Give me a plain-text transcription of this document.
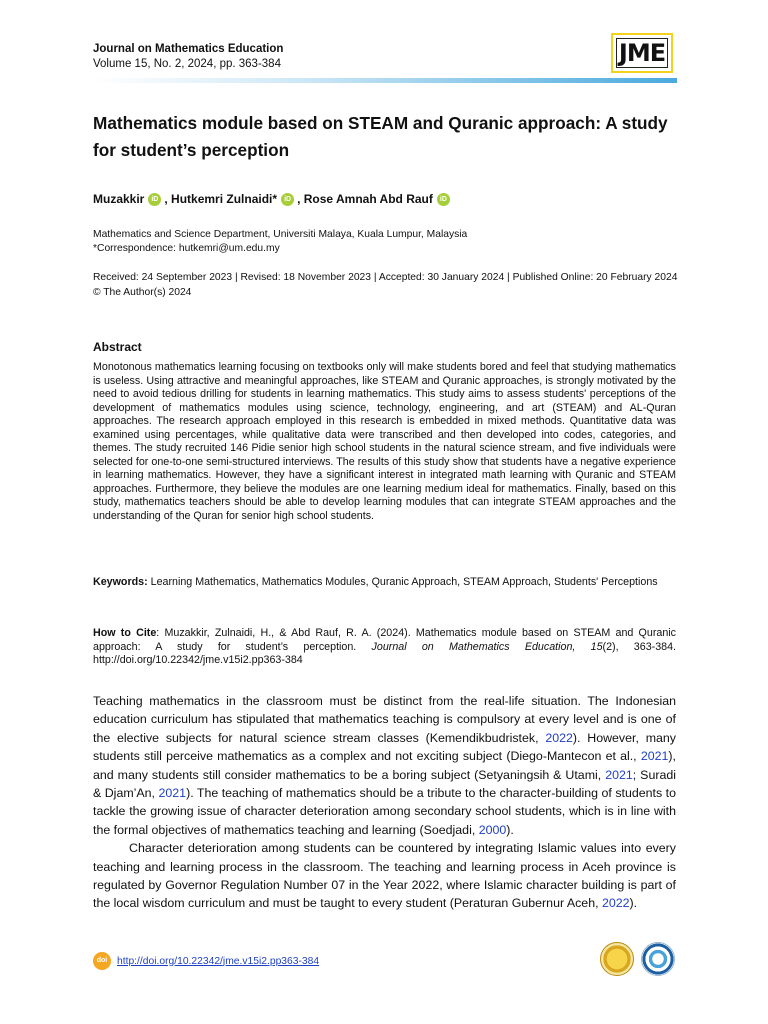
Journal on Mathematics Education
Volume 15, No. 2, 2024, pp. 363-384	JME
Mathematics module based on STEAM and Quranic approach: A study for student’s perception
Muzakkir	iD ,
Hutkemri Zulnaidi*	iD ,
Rose Amnah Abd Rauf	iD
Mathematics and Science Department, Universiti Malaya, Kuala Lumpur, Malaysia
*Correspondence: hutkemri@um.edu.my
Received: 24 September 2023 | Revised: 18 November 2023 | Accepted: 30 January 2024 | Published Online: 20 February 2024
© The Author(s) 2024
Abstract

Monotonous mathematics learning focusing on textbooks only will make students bored and feel that studying mathematics is useless. Using attractive and meaningful approaches, like STEAM and Quranic approaches, is strongly motivated by the need to avoid tedious drilling for students in learning mathematics. This study aims to assess students' perceptions of the development of mathematics modules using science, technology, engineering, and art (STEAM) and AL-Quran approaches. The research approach employed in this research is embedded in mixed methods. Quantitative data was examined using percentages, while qualitative data were transcribed and then developed into codes, categories, and themes. The study recruited 146 Pidie senior high school students in the natural science stream, and five individuals were selected for one-to-one semi-structured interviews. The results of this study show that students have a negative experience in learning mathematics. However, they have a significant interest in integrated math learning with Quranic and STEAM approaches. Furthermore, they believe the modules are one learning medium ideal for mathematics. Finally, based on this study, mathematics teachers should be able to develop learning modules that can integrate STEAM approaches and the understanding of the Quran for senior high school students.

Keywords: Learning Mathematics, Mathematics Modules, Quranic Approach, STEAM Approach, Students' Perceptions

How to Cite: Muzakkir, Zulnaidi, H., & Abd Rauf, R. A. (2024). Mathematics module based on STEAM and Quranic approach: A study for student’s perception. Journal on Mathematics Education, 15(2), 363-384. http://doi.org/10.22342/jme.v15i2.pp363-384

Teaching mathematics in the classroom must be distinct from the real-life situation. The Indonesian education curriculum has stipulated that mathematics teaching is compulsory at every level and is one of the elective subjects for natural science stream classes (Kemendikbudristek, 2022). However, many students still perceive mathematics as a complex and not exciting subject (Diego-Mantecon et al., 2021), and many students still consider mathematics to be a boring subject (Setyaningsih & Utami, 2021; Suradi & Djam’An, 2021). The teaching of mathematics should be a tribute to the character-building of students to tackle the growing issue of character deterioration among secondary school students, which is in line with the formal objectives of mathematics teaching and learning (Soedjadi, 2000).

Character deterioration among students can be countered by integrating Islamic values into every teaching and learning process in the classroom. The teaching and learning process in Aceh province is regulated by Governor Regulation Number 07 in the Year 2022, where Islamic character building is part of the local wisdom curriculum and must be taught to every student (Peraturan Gubernur Aceh, 2022).

doi http://doi.org/10.22342/jme.v15i2.pp363-384
